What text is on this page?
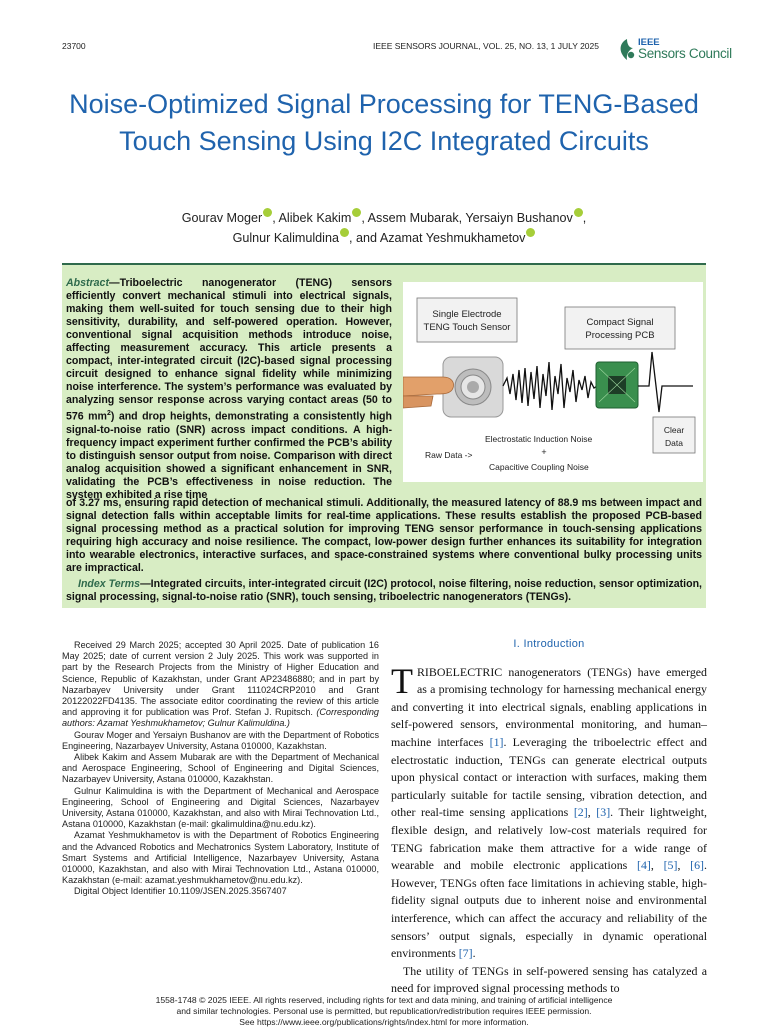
23700	IEEE SENSORS JOURNAL, VOL. 25, NO. 13, 1 JULY 2025	IEEE
Sensors Council
Noise-Optimized Signal Processing for TENG-Based Touch Sensing Using I2C Integrated Circuits
Gourav Moger , Alibek Kakim , Assem Mubarak, Yersaiyn Bushanov ,
Gulnur Kalimuldina , and Azamat Yeshmukhametov
Abstract—Triboelectric nanogenerator (TENG) sensors efficiently convert mechanical stimuli into electrical signals, making them well-suited for touch sensing due to their high sensitivity, durability, and self-powered operation. However, conventional signal acquisition methods introduce noise, affecting measurement accuracy. This article presents a compact, inter-integrated circuit (I2C)-based signal processing circuit designed to enhance signal fidelity while minimizing noise interference. The system’s performance was evaluated by analyzing sensor response across varying contact areas (50 to 576 $mm^2$) and drop heights, demonstrating a consistently high signal-to-noise ratio (SNR) across impact conditions. A high-frequency impact experiment further confirmed the PCB’s ability to distinguish sensor output from noise. Comparison with direct analog acquisition showed a significant enhancement in SNR, validating the PCB’s effectiveness in noise reduction. The system exhibited a rise time
of 3.27 ms, ensuring rapid detection of mechanical stimuli. Additionally, the measured latency of 88.9 ms between impact and signal detection falls within acceptable limits for real-time applications. These results establish the proposed PCB-based signal processing method as a practical solution for improving TENG sensor performance in touch-sensing applications requiring high accuracy and noise resilience. The compact, low-power design further enhances its suitability for integration into wearable electronics, interactive surfaces, and space-constrained systems where conventional bulky processing units are impractical.
Index Terms—Integrated circuits, inter-integrated circuit (I2C) protocol, noise filtering, noise reduction, sensor optimization, signal processing, signal-to-noise ratio (SNR), touch sensing, triboelectric nanogenerators (TENGs).
Single Electrode
TENG Touch Sensor	Compact Signal
Processing PCB
Clear
Data
Electrostatic Induction Noise
Raw Data ->	+
Capacitive Coupling Noise

Received 29 March 2025; accepted 30 April 2025. Date of publication 16 May 2025; date of current version 2 July 2025. This work was supported in part by the Research Projects from the Ministry of Higher Education and Science, Republic of Kazakhstan, under Grant AP23486880; and in part by Nazarbayev University under Grant 111024CRP2010 and Grant 20122022FD4135. The associate editor coordinating the review of this article and approving it for publication was Prof. Stefan J. Rupitsch. (Corresponding authors: Azamat Yeshmukhametov; Gulnur Kalimuldina.)

Gourav Moger and Yersaiyn Bushanov are with the Department of Robotics Engineering, Nazarbayev University, Astana 010000, Kazakhstan.

Alibek Kakim and Assem Mubarak are with the Department of Mechanical and Aerospace Engineering, School of Engineering and Digital Sciences, Nazarbayev University, Astana 010000, Kazakhstan.

Gulnur Kalimuldina is with the Department of Mechanical and Aerospace Engineering, School of Engineering and Digital Sciences, Nazarbayev University, Astana 010000, Kazakhstan, and also with Mirai Technovation Ltd., Astana 010000, Kazakhstan (e-mail: gkalimuldina@nu.edu.kz).

Azamat Yeshmukhametov is with the Department of Robotics Engineering and the Advanced Robotics and Mechatronics System Laboratory, Institute of Smart Systems and Artificial Intelligence, Nazarbayev University, Astana 010000, Kazakhstan, and also with Mirai Technovation Ltd., Astana 010000, Kazakhstan (e-mail: azamat.yeshmukhametov@nu.edu.kz).

Digital Object Identifier 10.1109/JSEN.2025.3567407

I. Introduction
TRIBOELECTRIC nanogenerators (TENGs) have emerged as a promising technology for harnessing mechanical energy and converting it into electrical signals, enabling applications in self-powered sensors, environmental monitoring, and human–machine interfaces [1]. Leveraging the triboelectric effect and electrostatic induction, TENGs can generate electrical outputs upon physical contact or interaction with surfaces, making them particularly suitable for tactile sensing, vibration detection, and other real-time sensing applications [2], [3]. Their lightweight, flexible design, and relatively low-cost materials required for TENG fabrication make them attractive for a wide range of wearable and mobile electronic applications [4], [5], [6]. However, TENGs often face limitations in achieving stable, high-fidelity signal outputs due to inherent noise and environmental interference, which can affect the accuracy and reliability of the sensors’ output signals, especially in dynamic operational environments [7].
The utility of TENGs in self-powered sensing has catalyzed a need for improved signal processing methods to
1558-1748 © 2025 IEEE. All rights reserved, including rights for text and data mining, and training of artificial intelligence
and similar technologies. Personal use is permitted, but republication/redistribution requires IEEE permission.
See https://www.ieee.org/publications/rights/index.html for more information.
